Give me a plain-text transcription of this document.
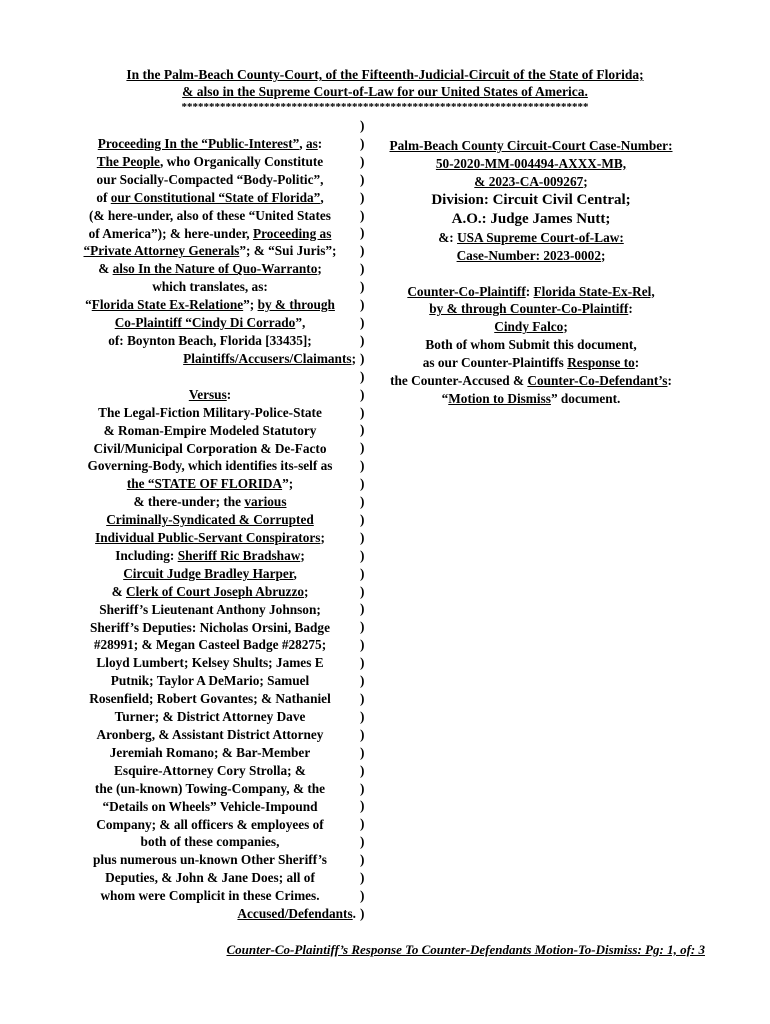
In the Palm-Beach County-Court, of the Fifteenth-Judicial-Circuit of the State of Florida;
& also in the Supreme Court-of-Law for our United States of America.
**************************************************************************
Proceeding In the “Public-Interest”, as:
The People, who Organically Constitute
our Socially-Compacted “Body-Politic”,
of our Constitutional “State of Florida”,
(& here-under, also of these “United States
of America”); & here-under, Proceeding as
“Private Attorney Generals”; & “Sui Juris”;
& also In the Nature of Quo-Warranto;
which translates, as:
“Florida State Ex-Relatione”; by & through
Co-Plaintiff “Cindy Di Corrado”,
of: Boynton Beach, Florida [33435];
Plaintiffs/Accusers/Claimants;
Versus:
The Legal-Fiction Military-Police-State
& Roman-Empire Modeled Statutory
Civil/Municipal Corporation & De-Facto
Governing-Body, which identifies its-self as
the “STATE OF FLORIDA”;
& there-under; the various
Criminally-Syndicated & Corrupted
Individual Public-Servant Conspirators;
Including: Sheriff Ric Bradshaw;
Circuit Judge Bradley Harper,
& Clerk of Court Joseph Abruzzo;
Sheriff’s Lieutenant Anthony Johnson;
Sheriff’s Deputies: Nicholas Orsini, Badge
#28991; & Megan Casteel Badge #28275;
Lloyd Lumbert; Kelsey Shults; James E
Putnik; Taylor A DeMario; Samuel
Rosenfield; Robert Govantes; & Nathaniel
Turner; & District Attorney Dave
Aronberg, & Assistant District Attorney
Jeremiah Romano; & Bar-Member
Esquire-Attorney Cory Strolla; &
the (un-known) Towing-Company, & the
“Details on Wheels” Vehicle-Impound
Company; & all officers & employees of
both of these companies,
plus numerous un-known Other Sheriff’s
Deputies, & John & Jane Does; all of
whom were Complicit in these Crimes.
Accused/Defendants.
)
)
)
)
)
)
)
)
)
)
)
)
)
)
)
)
)
)
)
)
)
)
)
)
)
)
)
)
)
)
)
)
)
)
)
)
)
)
)
)
)
)
)
)
)
Palm-Beach County Circuit-Court Case-Number:
50-2020-MM-004494-AXXX-MB,
& 2023-CA-009267;
Division: Circuit Civil Central;
A.O.: Judge James Nutt;
&: USA Supreme Court-of-Law:
Case-Number: 2023-0002;
Counter-Co-Plaintiff: Florida State-Ex-Rel,
by & through Counter-Co-Plaintiff:
Cindy Falco;
Both of whom Submit this document,
as our Counter-Plaintiffs Response to:
the Counter-Accused & Counter-Co-Defendant’s:
“Motion to Dismiss” document.
Counter-Co-Plaintiff’s Response To Counter-Defendants Motion-To-Dismiss: Pg: 1, of: 3
